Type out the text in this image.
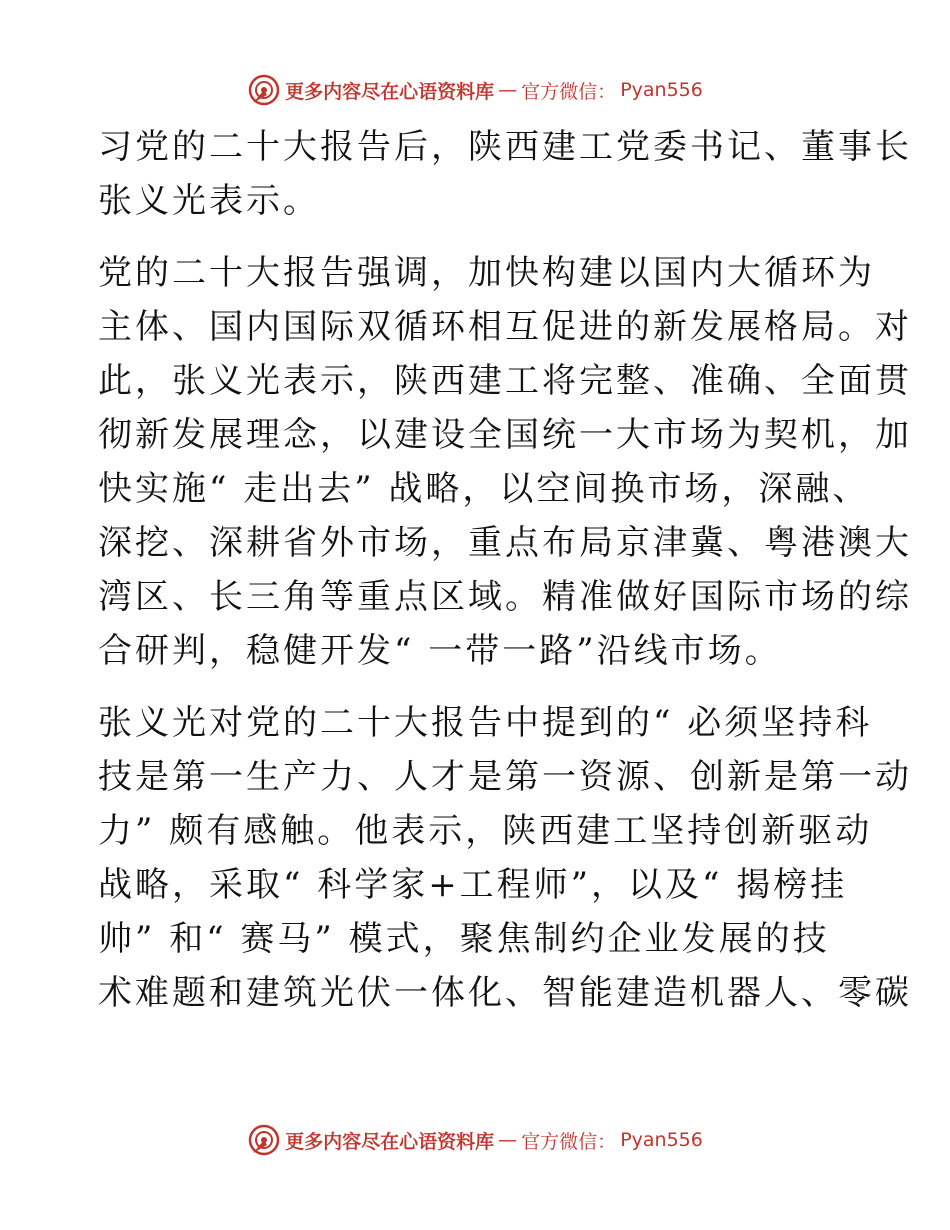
更多内容尽在心语资料库 — 官方微信： Pyan556

习党的二十大报告后，陕西建工党委书记、董事长
张义光表示。

党的二十大报告强调，加快构建以国内大循环为
主体、国内国际双循环相互促进的新发展格局。对
此，张义光表示，陕西建工将完整、准确、全面贯
彻新发展理念，以建设全国统一大市场为契机，加
快实施“ 走出去” 战略，以空间换市场，深融、
深挖、深耕省外市场，重点布局京津冀、粤港澳大
湾区、长三角等重点区域。精准做好国际市场的综
合研判，稳健开发“ 一带一路”沿线市场。

张义光对党的二十大报告中提到的“ 必须坚持科
技是第一生产力、人才是第一资源、创新是第一动
力” 颇有感触。他表示，陕西建工坚持创新驱动
战略，采取“ 科学家+工程师”，以及“ 揭榜挂
帅” 和“ 赛马” 模式，聚焦制约企业发展的技
术难题和建筑光伏一体化、智能建造机器人、零碳

更多内容尽在心语资料库 — 官方微信： Pyan556
